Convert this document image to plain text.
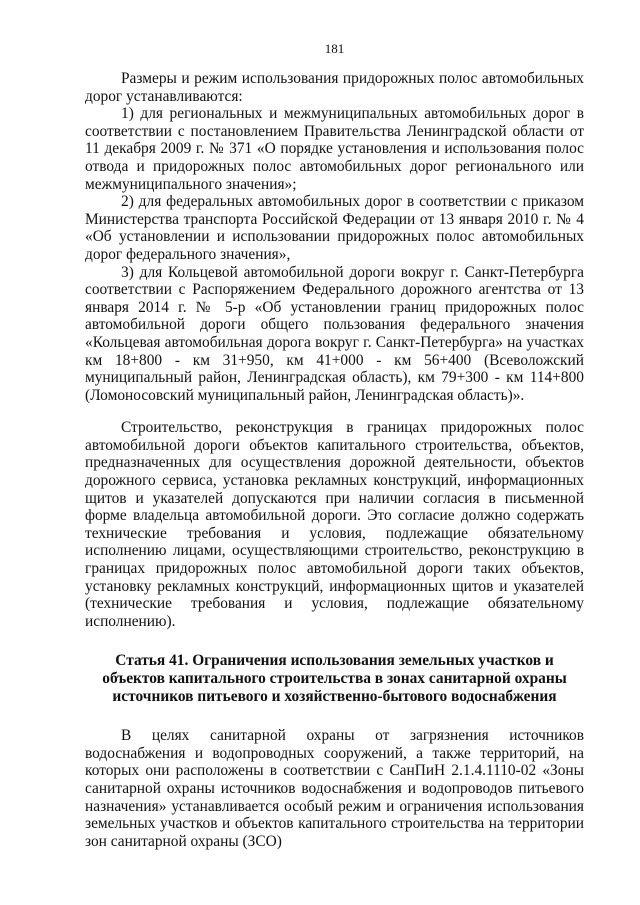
181

Размеры и режим использования придорожных полос автомобильных дорог устанавливаются:

1) для региональных и межмуниципальных автомобильных дорог в соответствии с постановлением Правительства Ленинградской области от 11 декабря 2009 г. № 371 «О порядке установления и использования полос отвода и придорожных полос автомобильных дорог регионального или межмуниципального значения»;

2) для федеральных автомобильных дорог в соответствии с приказом Министерства транспорта Российской Федерации от 13 января 2010 г. № 4 «Об установлении и использовании придорожных полос автомобильных дорог федерального значения»,

3) для Кольцевой автомобильной дороги вокруг г. Санкт-Петербурга соответствии с Распоряжением Федерального дорожного агентства от 13 января 2014 г. № 5-р «Об установлении границ придорожных полос автомобильной дороги общего пользования федерального значения «Кольцевая автомобильная дорога вокруг г. Санкт-Петербурга» на участках км 18+800 - км 31+950, км 41+000 - км 56+400 (Всеволожский муниципальный район, Ленинградская область), км 79+300 - км 114+800 (Ломоносовский муниципальный район, Ленинградская область)».

Строительство, реконструкция в границах придорожных полос автомобильной дороги объектов капитального строительства, объектов, предназначенных для осуществления дорожной деятельности, объектов дорожного сервиса, установка рекламных конструкций, информационных щитов и указателей допускаются при наличии согласия в письменной форме владельца автомобильной дороги. Это согласие должно содержать технические требования и условия, подлежащие обязательному исполнению лицами, осуществляющими строительство, реконструкцию в границах придорожных полос автомобильной дороги таких объектов, установку рекламных конструкций, информационных щитов и указателей (технические требования и условия, подлежащие обязательному исполнению).

Статья 41. Ограничения использования земельных участков и объектов капитального строительства в зонах санитарной охраны источников питьевого и хозяйственно-бытового водоснабжения

В целях санитарной охраны от загрязнения источников водоснабжения и водопроводных сооружений, а также территорий, на которых они расположены в соответствии с СанПиН 2.1.4.1110-02 «Зоны санитарной охраны источников водоснабжения и водопроводов питьевого назначения» устанавливается особый режим и ограничения использования земельных участков и объектов капитального строительства на территории зон санитарной охраны (ЗСО)
